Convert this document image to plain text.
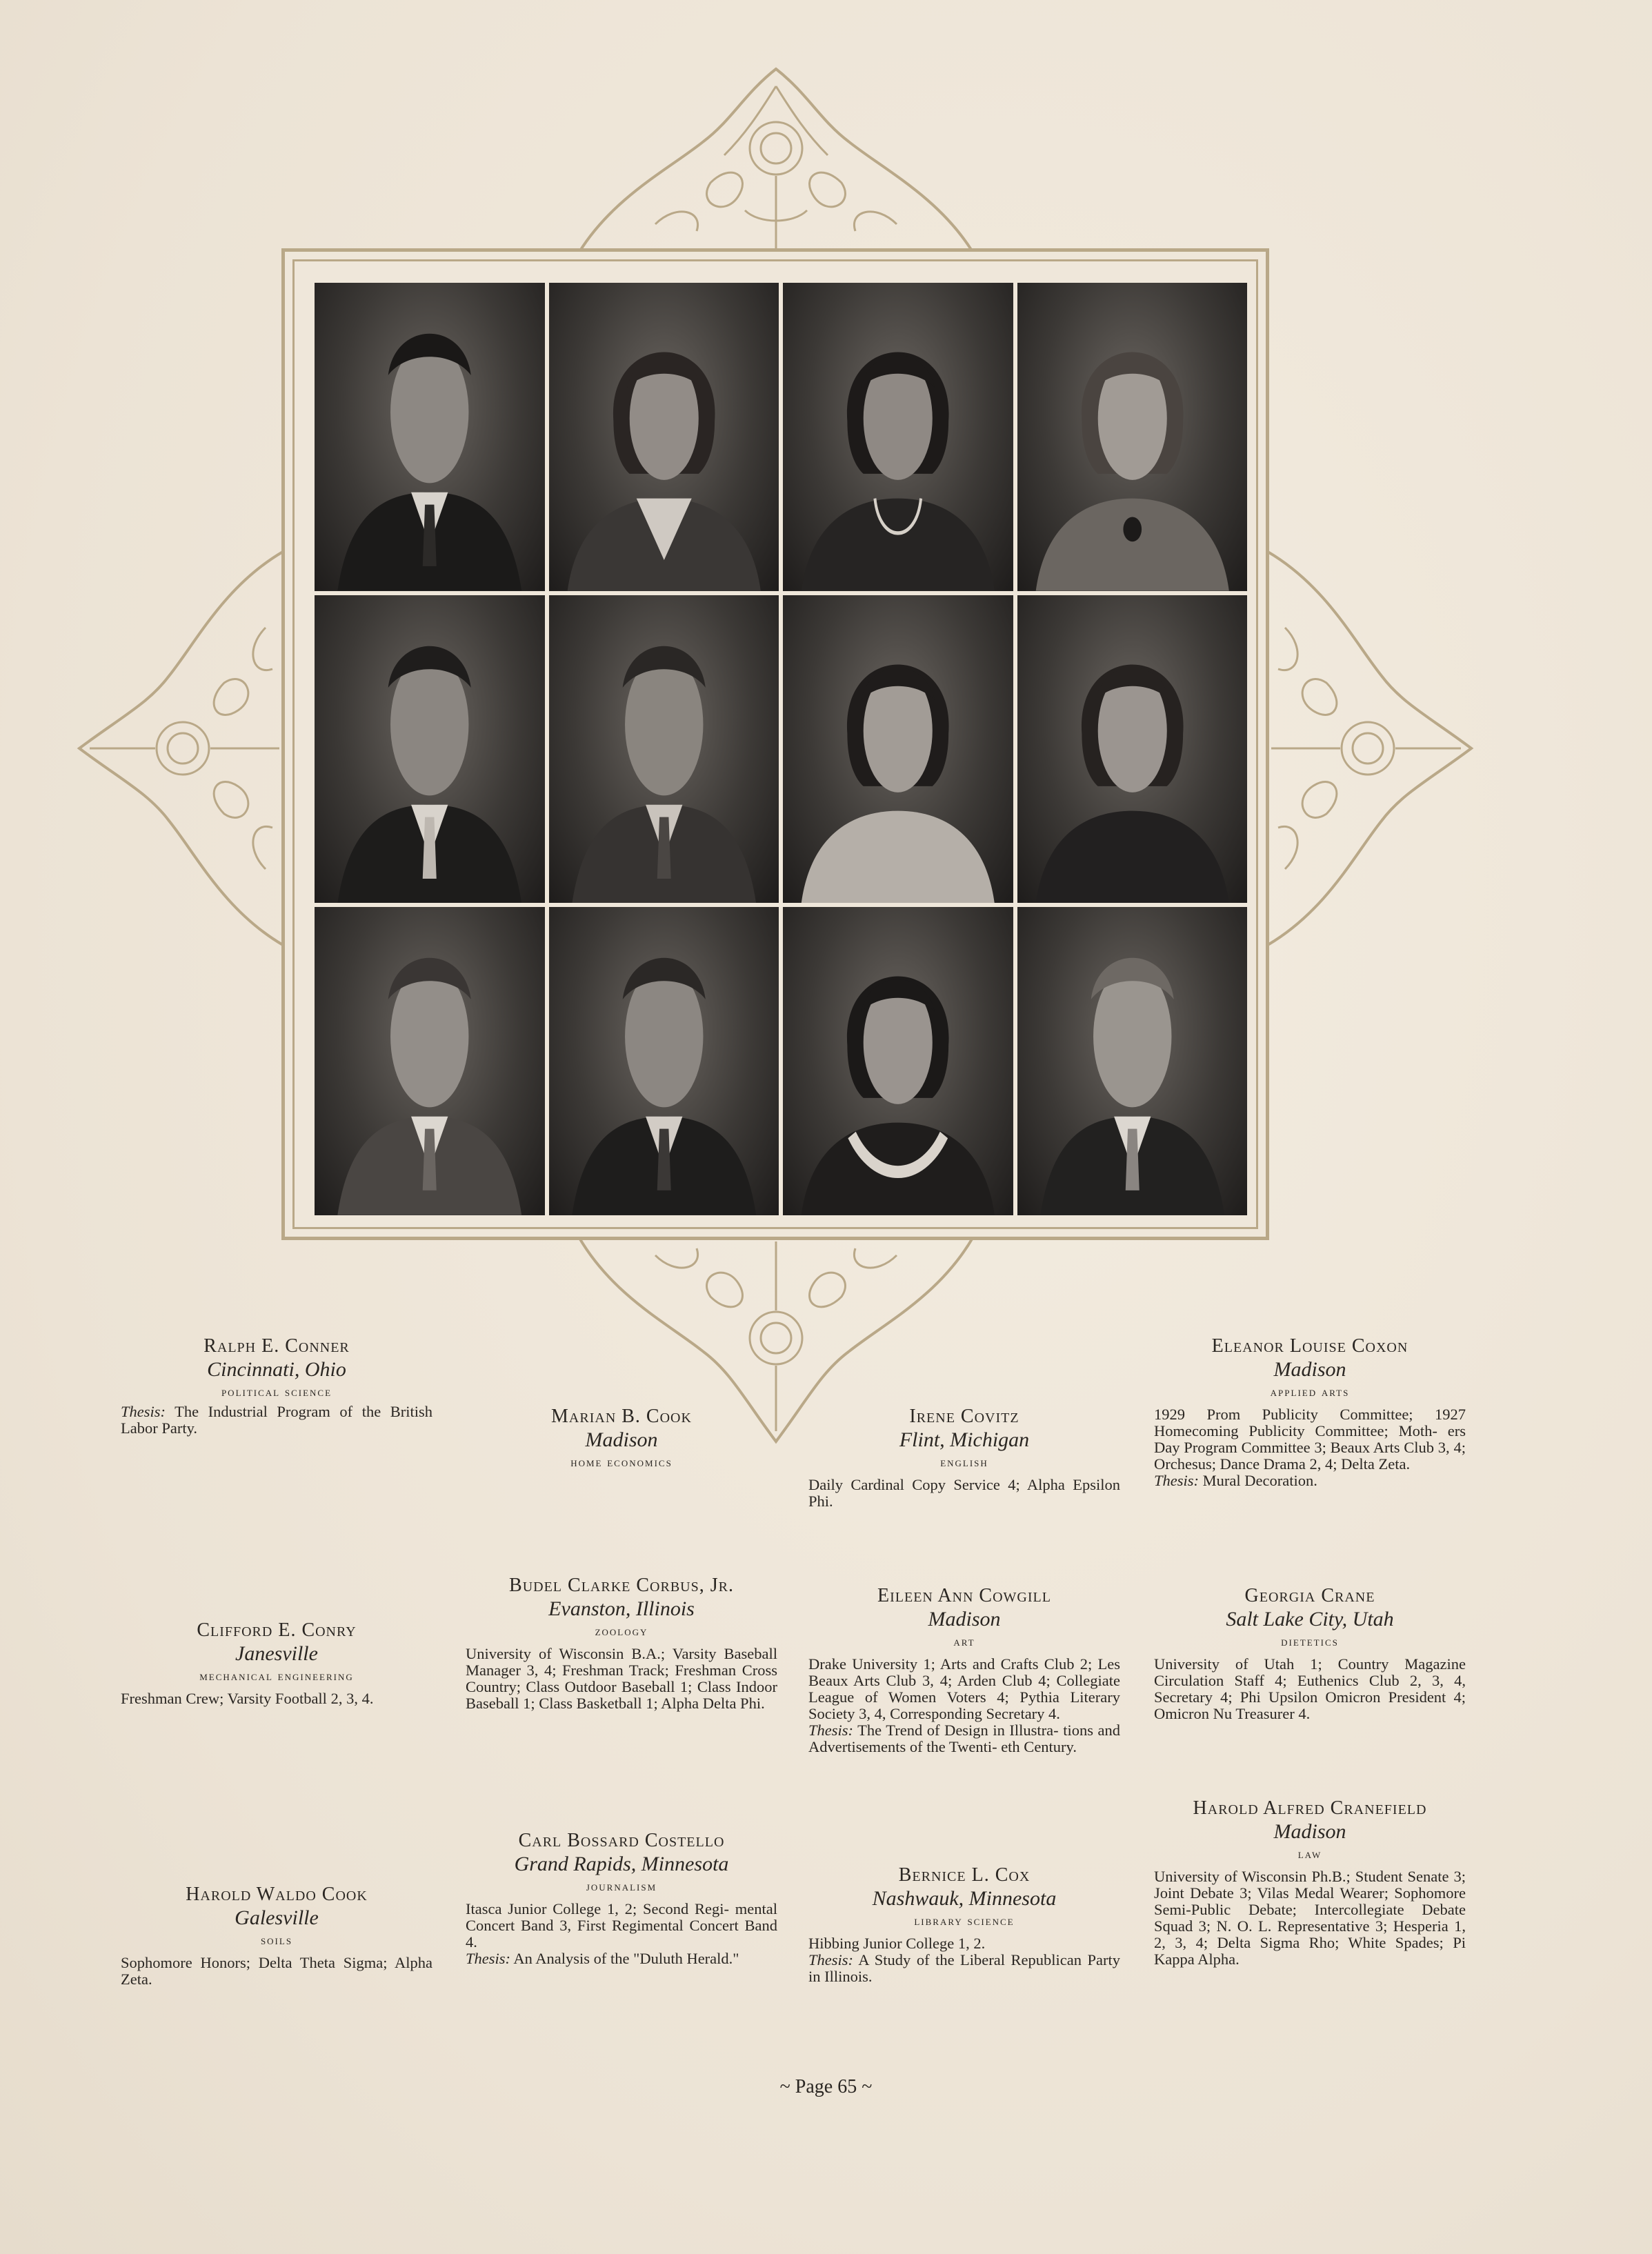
Ralph E. Conner
Cincinnati, Ohio
political science
Thesis: The Industrial Program of the British Labor Party.
Marian B. Cook
Madison
home economics
Irene Covitz
Flint, Michigan
english
Daily Cardinal Copy Service 4; Alpha Epsilon Phi.
Eleanor Louise Coxon
Madison
applied arts
1929 Prom Publicity Committee; 1927 Homecoming Publicity Committee; Moth- ers Day Program Committee 3; Beaux Arts Club 3, 4; Orchesus; Dance Drama 2, 4; Delta Zeta.
Thesis: Mural Decoration.
Clifford E. Conry
Janesville
mechanical engineering
Freshman Crew; Varsity Football 2, 3, 4.
Budel Clarke Corbus, Jr.
Evanston, Illinois
zoology
University of Wisconsin B.A.; Varsity Baseball Manager 3, 4; Freshman Track; Freshman Cross Country; Class Outdoor Baseball 1; Class Indoor Baseball 1; Class Basketball 1; Alpha Delta Phi.
Eileen Ann Cowgill
Madison
art
Drake University 1; Arts and Crafts Club 2; Les Beaux Arts Club 3, 4; Arden Club 4; Collegiate League of Women Voters 4; Pythia Literary Society 3, 4, Corresponding Secretary 4.
Thesis: The Trend of Design in Illustra- tions and Advertisements of the Twenti- eth Century.
Georgia Crane
Salt Lake City, Utah
dietetics
University of Utah 1; Country Magazine Circulation Staff 4; Euthenics Club 2, 3, 4, Secretary 4; Phi Upsilon Omicron President 4; Omicron Nu Treasurer 4.
Harold Waldo Cook
Galesville
soils
Sophomore Honors; Delta Theta Sigma; Alpha Zeta.
Carl Bossard Costello
Grand Rapids, Minnesota
journalism
Itasca Junior College 1, 2; Second Regi- mental Concert Band 3, First Regimental Concert Band 4.
Thesis: An Analysis of the "Duluth Herald."
Bernice L. Cox
Nashwauk, Minnesota
library science
Hibbing Junior College 1, 2.
Thesis: A Study of the Liberal Republican Party in Illinois.
Harold Alfred Cranefield
Madison
law
University of Wisconsin Ph.B.; Student Senate 3; Joint Debate 3; Vilas Medal Wearer; Sophomore Semi-Public Debate; Intercollegiate Debate Squad 3; N. O. L. Representative 3; Hesperia 1, 2, 3, 4; Delta Sigma Rho; White Spades; Pi Kappa Alpha.
~ Page 65 ~
